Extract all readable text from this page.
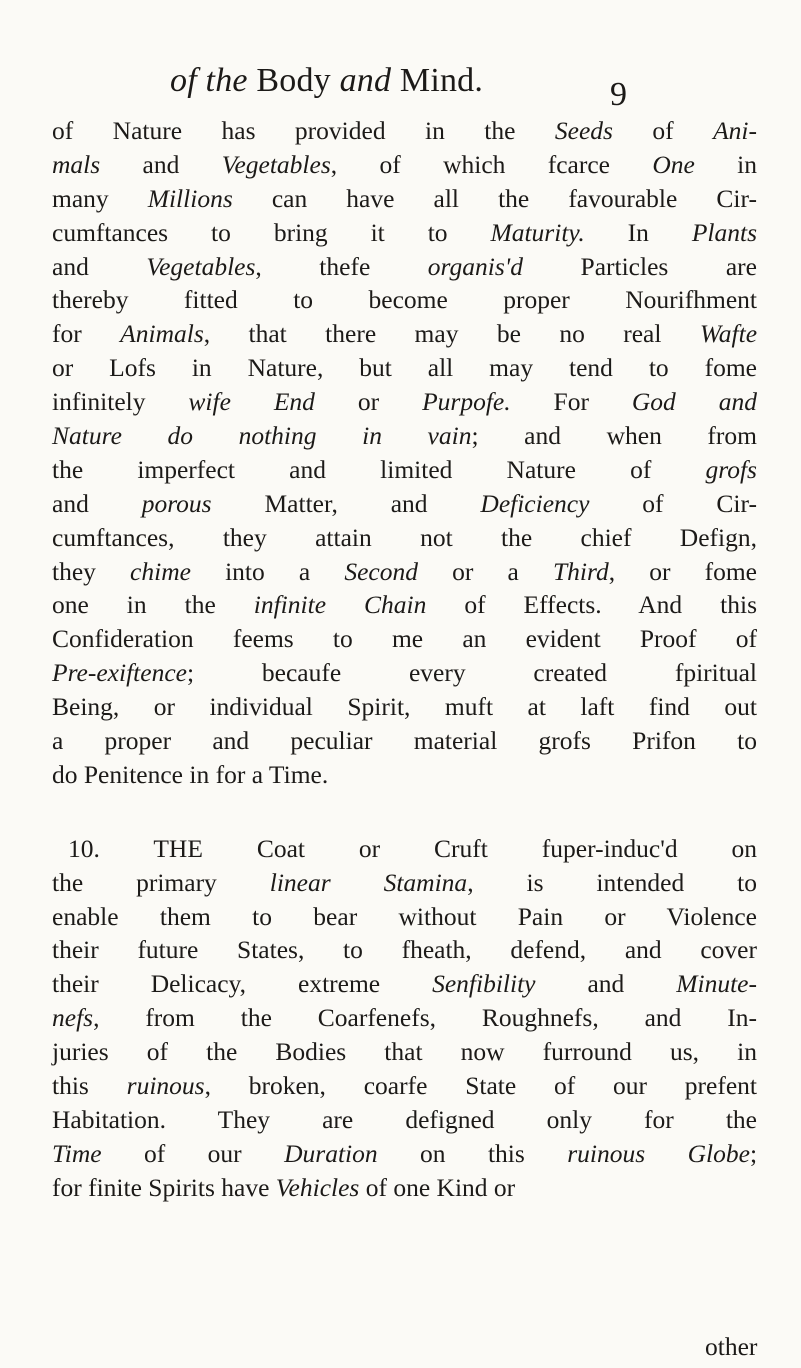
of the Body and Mind.	9
of Nature has provided in the Seeds of Ani-
mals and Vegetables, of which fcarce One in
many Millions can have all the favourable Cir-
cumftances to bring it to Maturity. In Plants
and Vegetables, thefe organis'd Particles are
thereby fitted to become proper Nourifhment
for Animals, that there may be no real Wafte
or Lofs in Nature, but all may tend to fome
infinitely wife End or Purpofe. For God and
Nature do nothing in vain; and when from
the imperfect and limited Nature of grofs
and porous Matter, and Deficiency of Cir-
cumftances, they attain not the chief Defign,
they chime into a Second or a Third, or fome
one in the infinite Chain of Effects. And this
Confideration feems to me an evident Proof of
Pre-exiftence; becaufe every created fpiritual
Being, or individual Spirit, muft at laft find out
a proper and peculiar material grofs Prifon to
do Penitence in for a Time.
10. THE Coat or Cruft fuper-induc'd on
the primary linear Stamina, is intended to
enable them to bear without Pain or Violence
their future States, to fheath, defend, and cover
their Delicacy, extreme Senfibility and Minute-
nefs, from the Coarfenefs, Roughnefs, and In-
juries of the Bodies that now furround us, in
this ruinous, broken, coarfe State of our prefent
Habitation. They are defigned only for the
Time of our Duration on this ruinous Globe;
for finite Spirits have Vehicles of one Kind or
other
